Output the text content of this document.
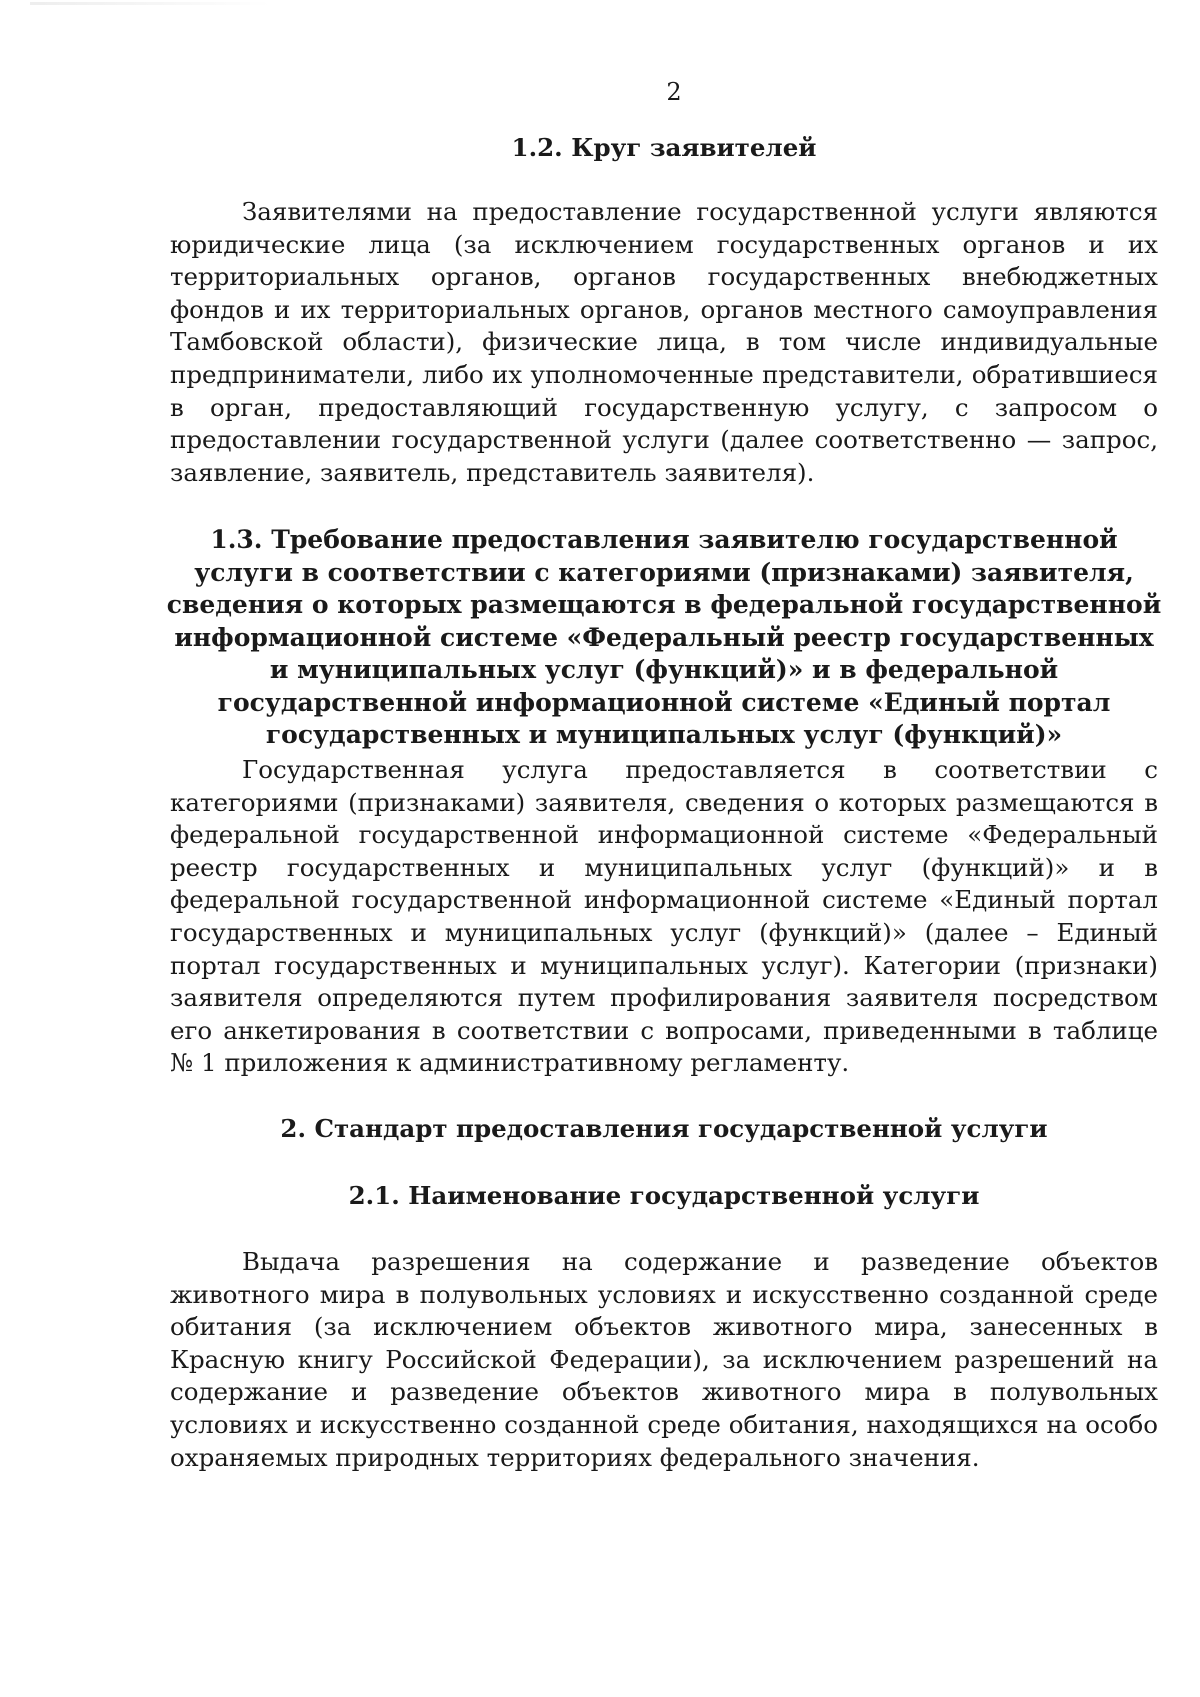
2
1.2. Круг заявителей

Заявителями на предоставление государственной услуги являются юридические лица (за исключением государственных органов и их территориальных органов, органов государственных внебюджетных фондов и их территориальных органов, органов местного самоуправления Тамбовской области), физические лица, в том числе индивидуальные предприниматели, либо их уполномоченные представители, обратившиеся в орган, предоставляющий государственную услугу, с запросом о предоставлении государственной услуги (далее соответственно — запрос, заявление, заявитель, представитель заявителя).

1.3. Требование предоставления заявителю государственной услуги в соответствии с категориями (признаками) заявителя, сведения о которых размещаются в федеральной государственной информационной системе «Федеральный реестр государственных и муниципальных услуг (функций)» и в федеральной государственной информационной системе «Единый портал государственных и муниципальных услуг (функций)»

Государственная услуга предоставляется в соответствии с категориями (признаками) заявителя, сведения о которых размещаются в федеральной государственной информационной системе «Федеральный реестр государственных и муниципальных услуг (функций)» и в федеральной государственной информационной системе «Единый портал государственных и муниципальных услуг (функций)» (далее – Единый портал государственных и муниципальных услуг). Категории (признаки) заявителя определяются путем профилирования заявителя посредством его анкетирования в соответствии с вопросами, приведенными в таблице № 1 приложения к административному регламенту.

2. Стандарт предоставления государственной услуги
2.1. Наименование государственной услуги

Выдача разрешения на содержание и разведение объектов животного мира в полувольных условиях и искусственно созданной среде обитания (за исключением объектов животного мира, занесенных в Красную книгу Российской Федерации), за исключением разрешений на содержание и разведение объектов животного мира в полувольных условиях и искусственно созданной среде обитания, находящихся на особо охраняемых природных территориях федерального значения.
